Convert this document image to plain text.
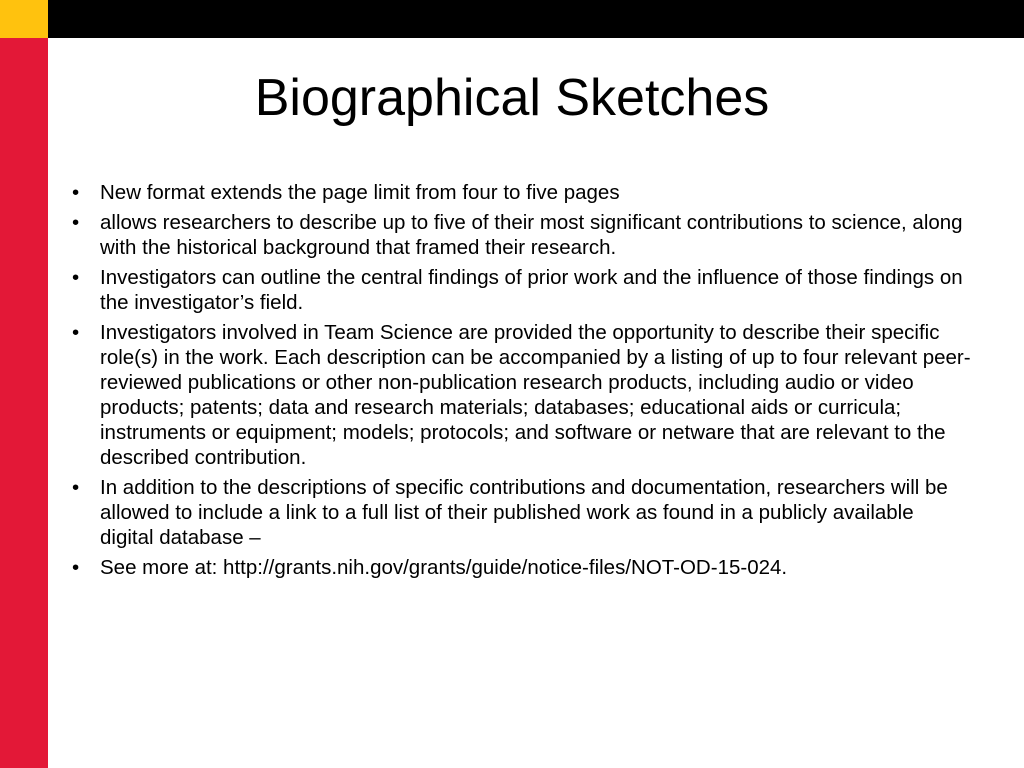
Biographical Sketches
• New format extends the page limit from four to five pages
• allows researchers to describe up to five of their most significant contributions to science, along with the historical background that framed their research.
• Investigators can outline the central findings of prior work and the influence of those findings on the investigator’s field.
• Investigators involved in Team Science are provided the opportunity to describe their specific role(s) in the work. Each description can be accompanied by a listing of up to four relevant peer-reviewed publications or other non-publication research products, including audio or video products; patents; data and research materials; databases; educational aids or curricula; instruments or equipment; models; protocols; and software or netware that are relevant to the described contribution.
• In addition to the descriptions of specific contributions and documentation, researchers will be allowed to include a link to a full list of their published work as found in a publicly available digital database –
• See more at: http://grants.nih.gov/grants/guide/notice-files/NOT-OD-15-024.
